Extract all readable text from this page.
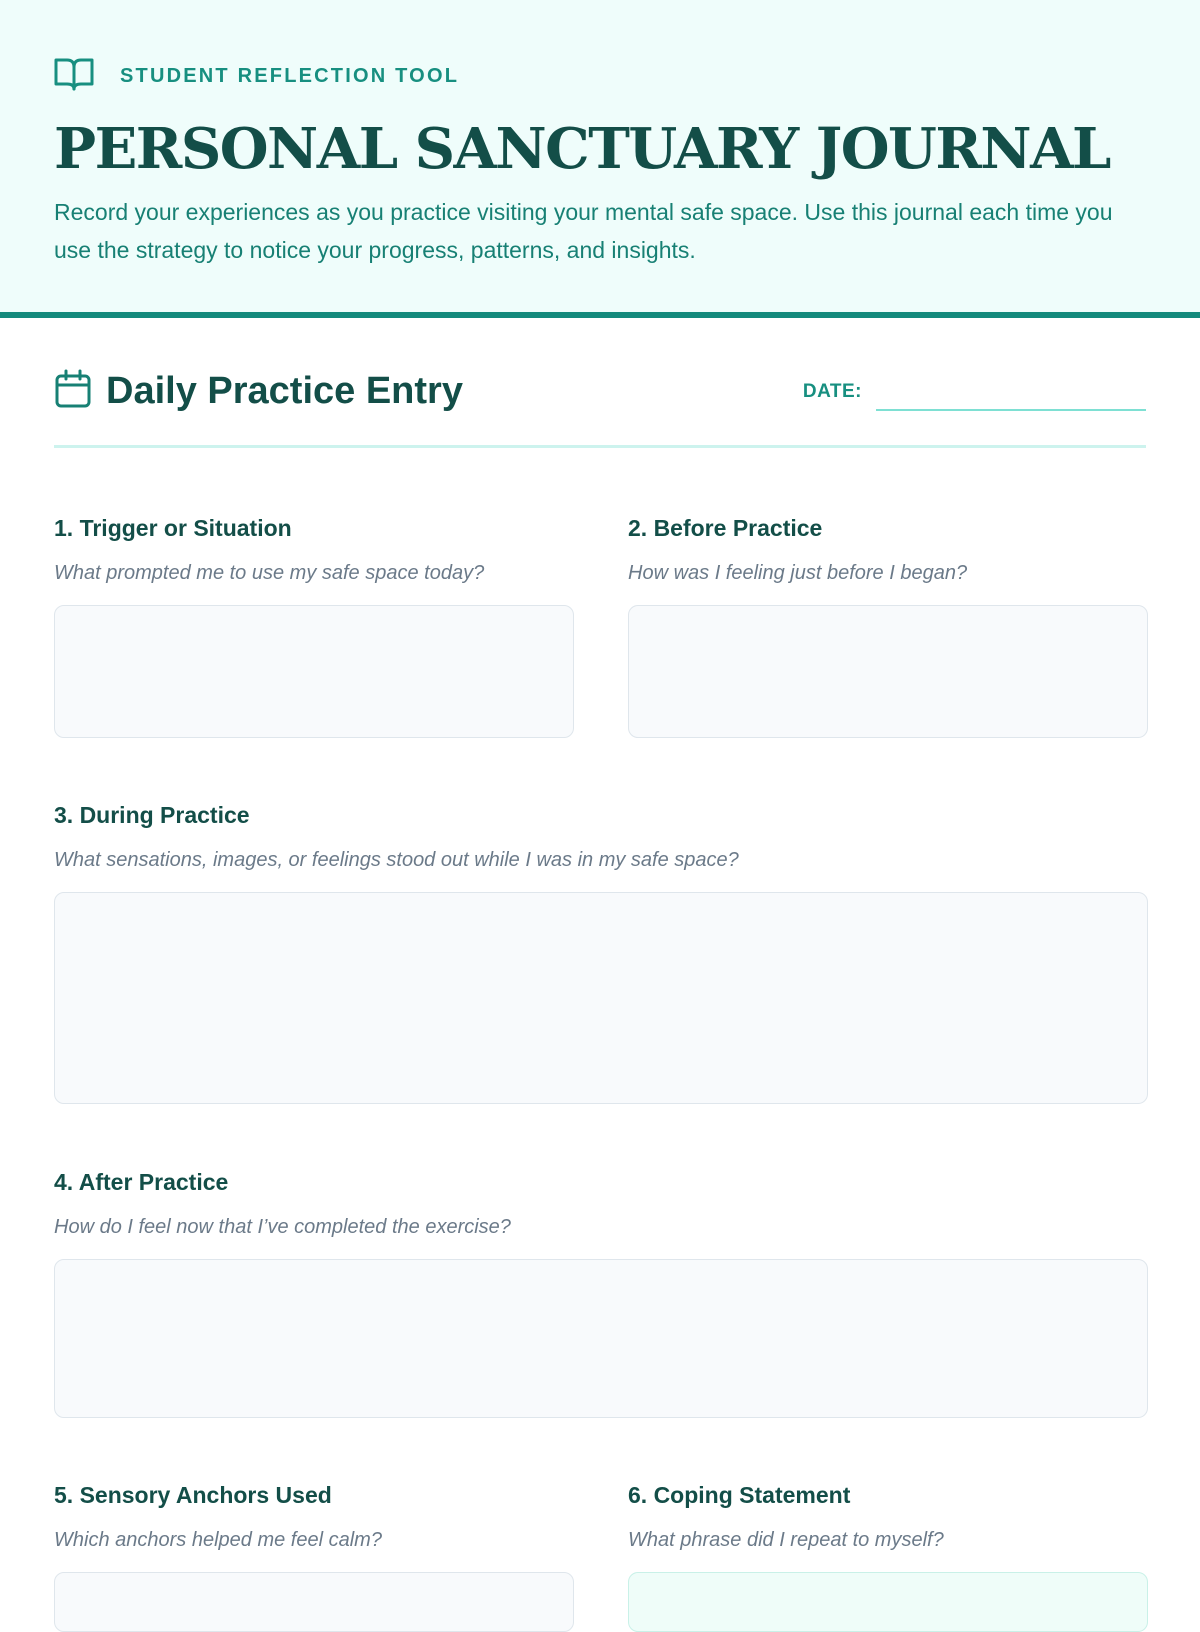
STUDENT REFLECTION TOOL
PERSONAL SANCTUARY JOURNAL

Record your experiences as you practice visiting your mental safe space. Use this journal each time you use the strategy to notice your progress, patterns, and insights.

Daily Practice Entry	DATE:
1. Trigger or Situation
What prompted me to use my safe space today?
2. Before Practice
How was I feeling just before I began?
3. During Practice
What sensations, images, or feelings stood out while I was in my safe space?
4. After Practice
How do I feel now that I’ve completed the exercise?
5. Sensory Anchors Used
Which anchors helped me feel calm?
6. Coping Statement
What phrase did I repeat to myself?
